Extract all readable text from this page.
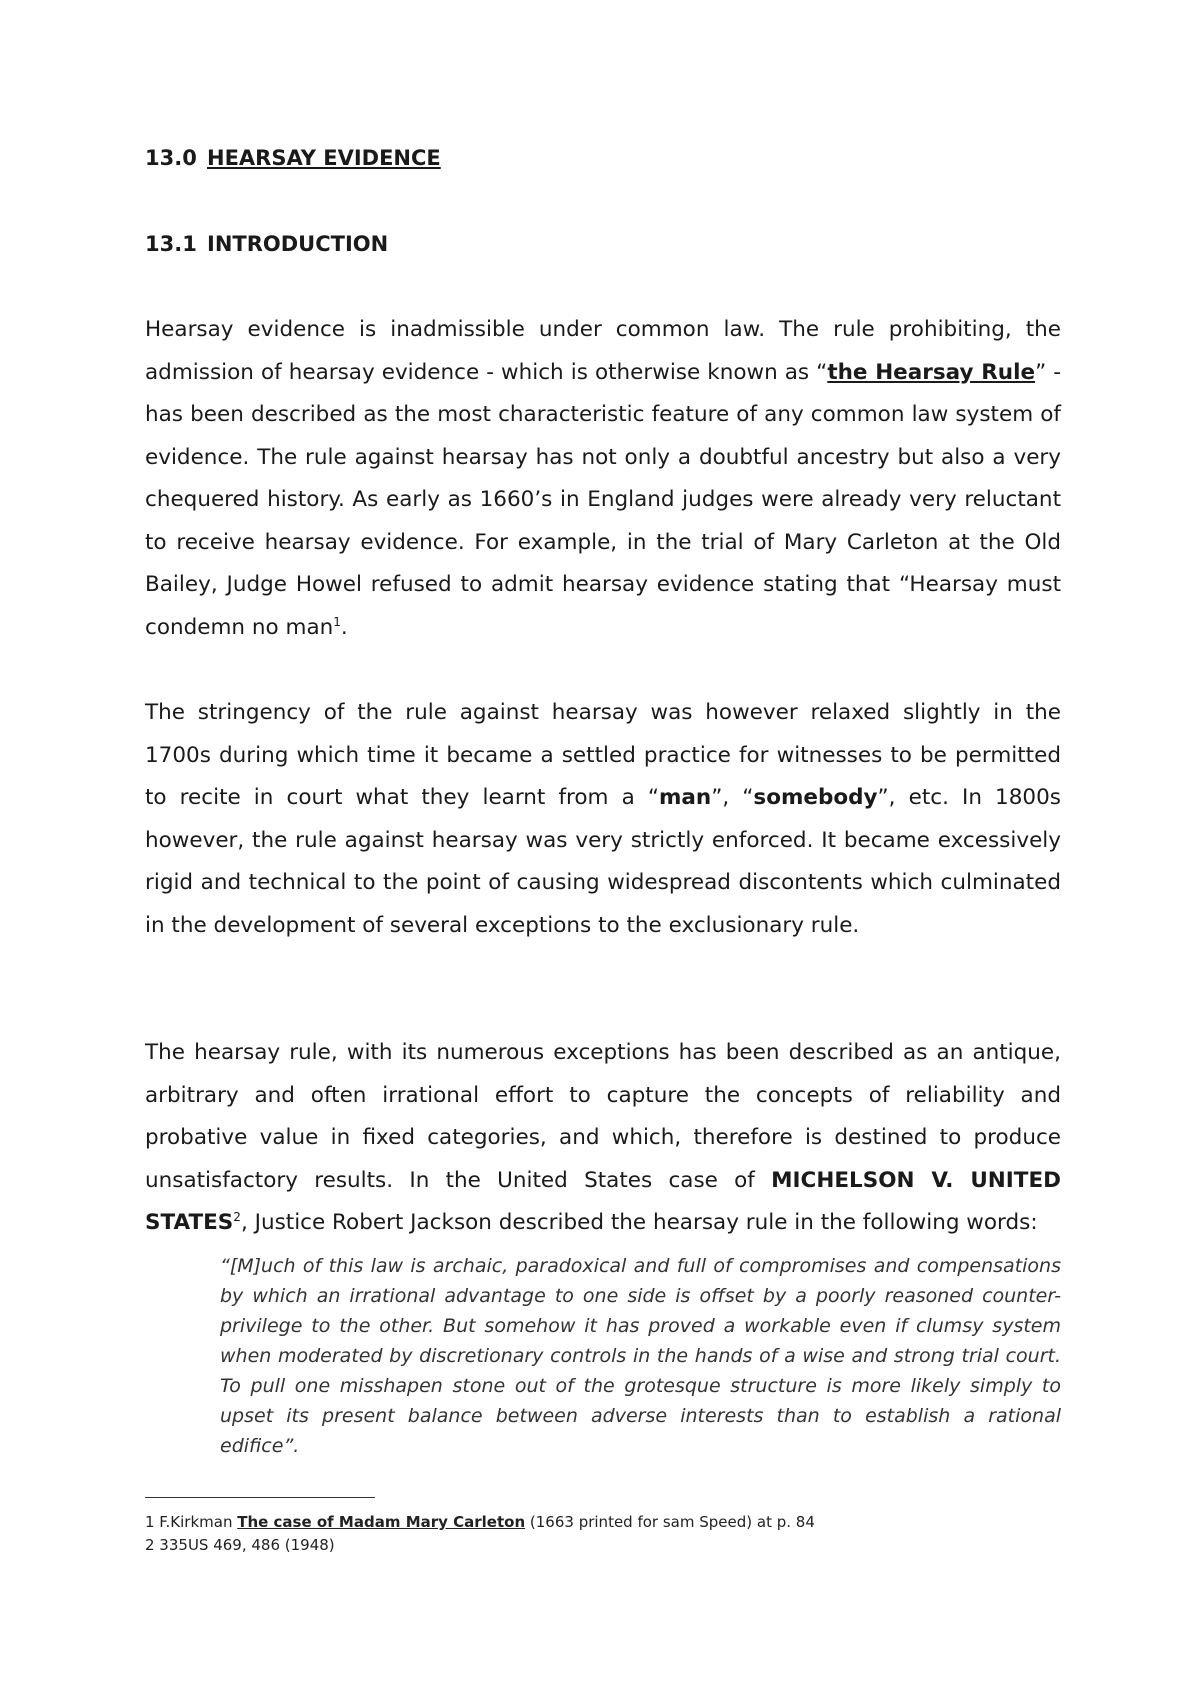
13.0 HEARSAY EVIDENCE
13.1 INTRODUCTION

Hearsay evidence is inadmissible under common law. The rule prohibiting, the admission of hearsay evidence - which is otherwise known as “the Hearsay Rule” - has been described as the most characteristic feature of any common law system of evidence. The rule against hearsay has not only a doubtful ancestry but also a very chequered history. As early as 1660’s in England judges were already very reluctant to receive hearsay evidence. For example, in the trial of Mary Carleton at the Old Bailey, Judge Howel refused to admit hearsay evidence stating that “Hearsay must condemn no man$^1$.

The stringency of the rule against hearsay was however relaxed slightly in the 1700s during which time it became a settled practice for witnesses to be permitted to recite in court what they learnt from a “man”, “somebody”, etc. In 1800s however, the rule against hearsay was very strictly enforced. It became excessively rigid and technical to the point of causing widespread discontents which culminated in the development of several exceptions to the exclusionary rule.

The hearsay rule, with its numerous exceptions has been described as an antique, arbitrary and often irrational effort to capture the concepts of reliability and probative value in fixed categories, and which, therefore is destined to produce unsatisfactory results. In the United States case of MICHELSON V. UNITED STATES$^2$, Justice Robert Jackson described the hearsay rule in the following words:

“[M]uch of this law is archaic, paradoxical and full of compromises and compensations by which an irrational advantage to one side is offset by a poorly reasoned counter-privilege to the other. But somehow it has proved a workable even if clumsy system when moderated by discretionary controls in the hands of a wise and strong trial court. To pull one misshapen stone out of the grotesque structure is more likely simply to upset its present balance between adverse interests than to establish a rational edifice”.

1 F.Kirkman The case of Madam Mary Carleton (1663 printed for sam Speed) at p. 84

2 335US 469, 486 (1948)
